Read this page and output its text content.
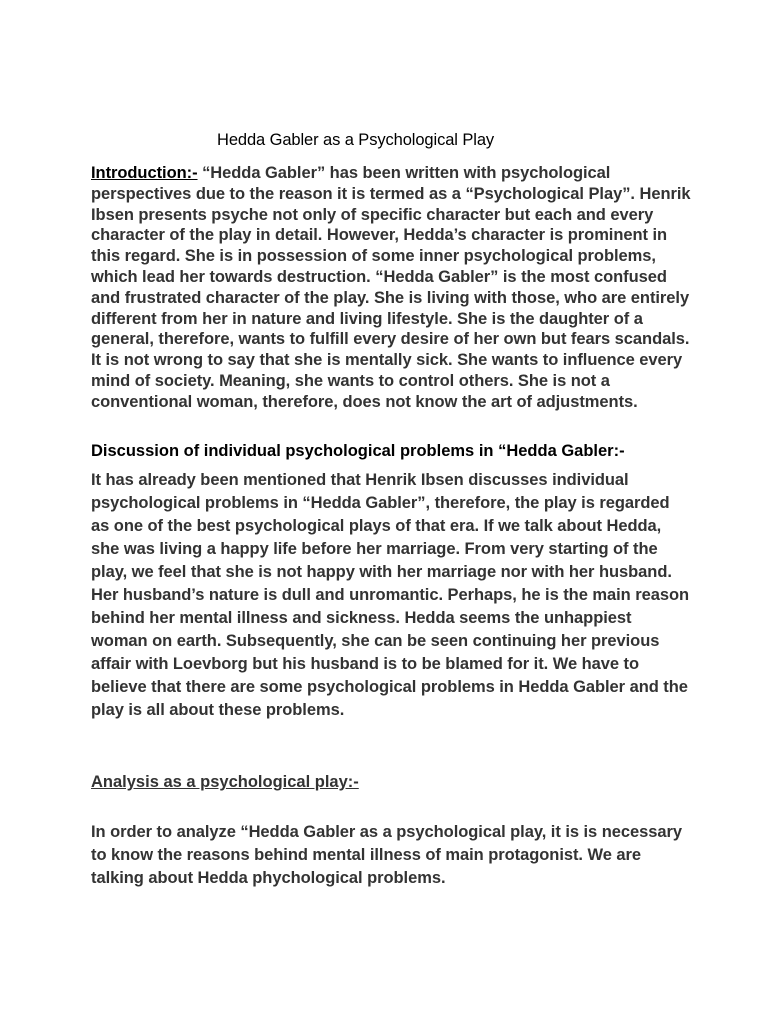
Hedda Gabler as a Psychological Play

Introduction:- “Hedda Gabler” has been written with psychological perspectives due to the reason it is termed as a “Psychological Play”. Henrik Ibsen presents psyche not only of specific character but each and every character of the play in detail. However, Hedda’s character is prominent in this regard. She is in possession of some inner psychological problems, which lead her towards destruction. “Hedda Gabler” is the most confused and frustrated character of the play. She is living with those, who are entirely different from her in nature and living lifestyle. She is the daughter of a general, therefore, wants to fulfill every desire of her own but fears scandals. It is not wrong to say that she is mentally sick. She wants to influence every mind of society. Meaning, she wants to control others. She is not a conventional woman, therefore, does not know the art of adjustments.

Discussion of individual psychological problems in “Hedda Gabler:-

It has already been mentioned that Henrik Ibsen discusses individual psychological problems in “Hedda Gabler”, therefore, the play is regarded as one of the best psychological plays of that era. If we talk about Hedda, she was living a happy life before her marriage. From very starting of the play, we feel that she is not happy with her marriage nor with her husband. Her husband’s nature is dull and unromantic. Perhaps, he is the main reason behind her mental illness and sickness. Hedda seems the unhappiest woman on earth. Subsequently, she can be seen continuing her previous affair with Loevborg but his husband is to be blamed for it. We have to believe that there are some psychological problems in Hedda Gabler and the play is all about these problems.

Analysis as a psychological play:-

In order to analyze “Hedda Gabler as a psychological play, it is is necessary to know the reasons behind mental illness of main protagonist. We are talking about Hedda phychological problems.
